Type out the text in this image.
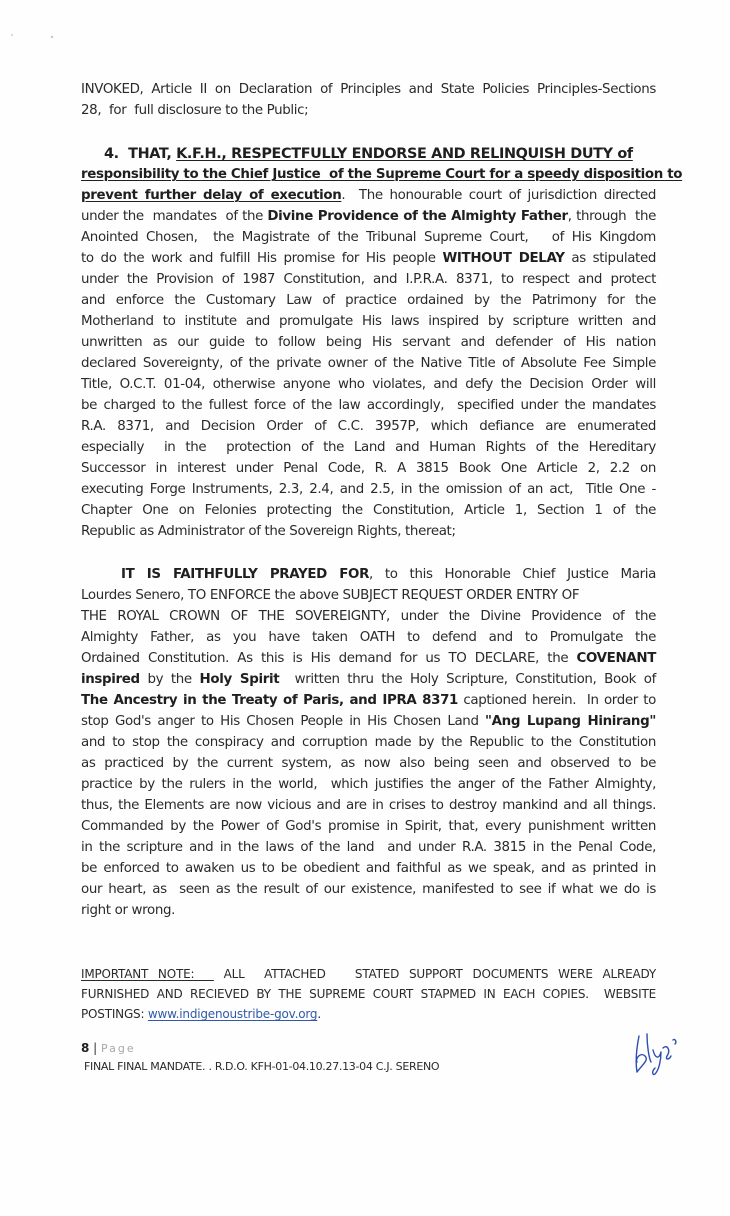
INVOKED, Article II on Declaration of Principles and State Policies Principles-Sections
28,  for  full disclosure to the Public;
4.  THAT, K.F.H., RESPECTFULLY ENDORSE AND RELINQUISH DUTY of
responsibility to the Chief Justice  of the Supreme Court for a speedy disposition to
prevent further delay of execution.  The honourable court of jurisdiction directed
under the  mandates  of the Divine Providence of the Almighty Father, through  the
Anointed Chosen,  the Magistrate of the Tribunal Supreme Court,   of His Kingdom
to do the work and fulfill His promise for His people WITHOUT DELAY as stipulated
under the Provision of 1987 Constitution, and I.P.R.A. 8371, to respect and protect
and enforce the Customary Law of practice ordained by the Patrimony for the
Motherland to institute and promulgate His laws inspired by scripture written and
unwritten as our guide to follow being His servant and defender of His nation
declared Sovereignty, of the private owner of the Native Title of Absolute Fee Simple
Title, O.C.T. 01-04, otherwise anyone who violates, and defy the Decision Order will
be charged to the fullest force of the law accordingly,  specified under the mandates
R.A. 8371, and Decision Order of C.C. 3957P, which defiance are enumerated
especially  in the  protection of the Land and Human Rights of the Hereditary
Successor in interest under Penal Code, R. A 3815 Book One Article 2, 2.2 on
executing Forge Instruments, 2.3, 2.4, and 2.5, in the omission of an act,  Title One -
Chapter One on Felonies protecting the Constitution, Article 1, Section 1 of the
Republic as Administrator of the Sovereign Rights, thereat;
IT IS FAITHFULLY PRAYED FOR, to this Honorable Chief Justice Maria
Lourdes Senero, TO ENFORCE the above SUBJECT REQUEST ORDER ENTRY OF
THE ROYAL CROWN OF THE SOVEREIGNTY, under the Divine Providence of the
Almighty Father, as you have taken OATH to defend and to Promulgate the
Ordained Constitution. As this is His demand for us TO DECLARE, the COVENANT
inspired by the Holy Spirit  written thru the Holy Scripture, Constitution, Book of
The Ancestry in the Treaty of Paris, and IPRA 8371 captioned herein.  In order to
stop God's anger to His Chosen People in His Chosen Land "Ang Lupang Hinirang"
and to stop the conspiracy and corruption made by the Republic to the Constitution
as practiced by the current system, as now also being seen and observed to be
practice by the rulers in the world,  which justifies the anger of the Father Almighty,
thus, the Elements are now vicious and are in crises to destroy mankind and all things.
Commanded by the Power of God's promise in Spirit, that, every punishment written
in the scripture and in the laws of the land  and under R.A. 3815 in the Penal Code,
be enforced to awaken us to be obedient and faithful as we speak, and as printed in
our heart, as  seen as the result of our existence, manifested to see if what we do is
right or wrong.
IMPORTANT NOTE:   ALL  ATTACHED   STATED SUPPORT DOCUMENTS WERE ALREADY
FURNISHED AND RECIEVED BY THE SUPREME COURT STAPMED IN EACH COPIES.  WEBSITE
POSTINGS: www.indigenoustribe-gov.org.
8 | Page
FINAL FINAL MANDATE. . R.D.O. KFH-01-04.10.27.13-04 C.J. SERENO
